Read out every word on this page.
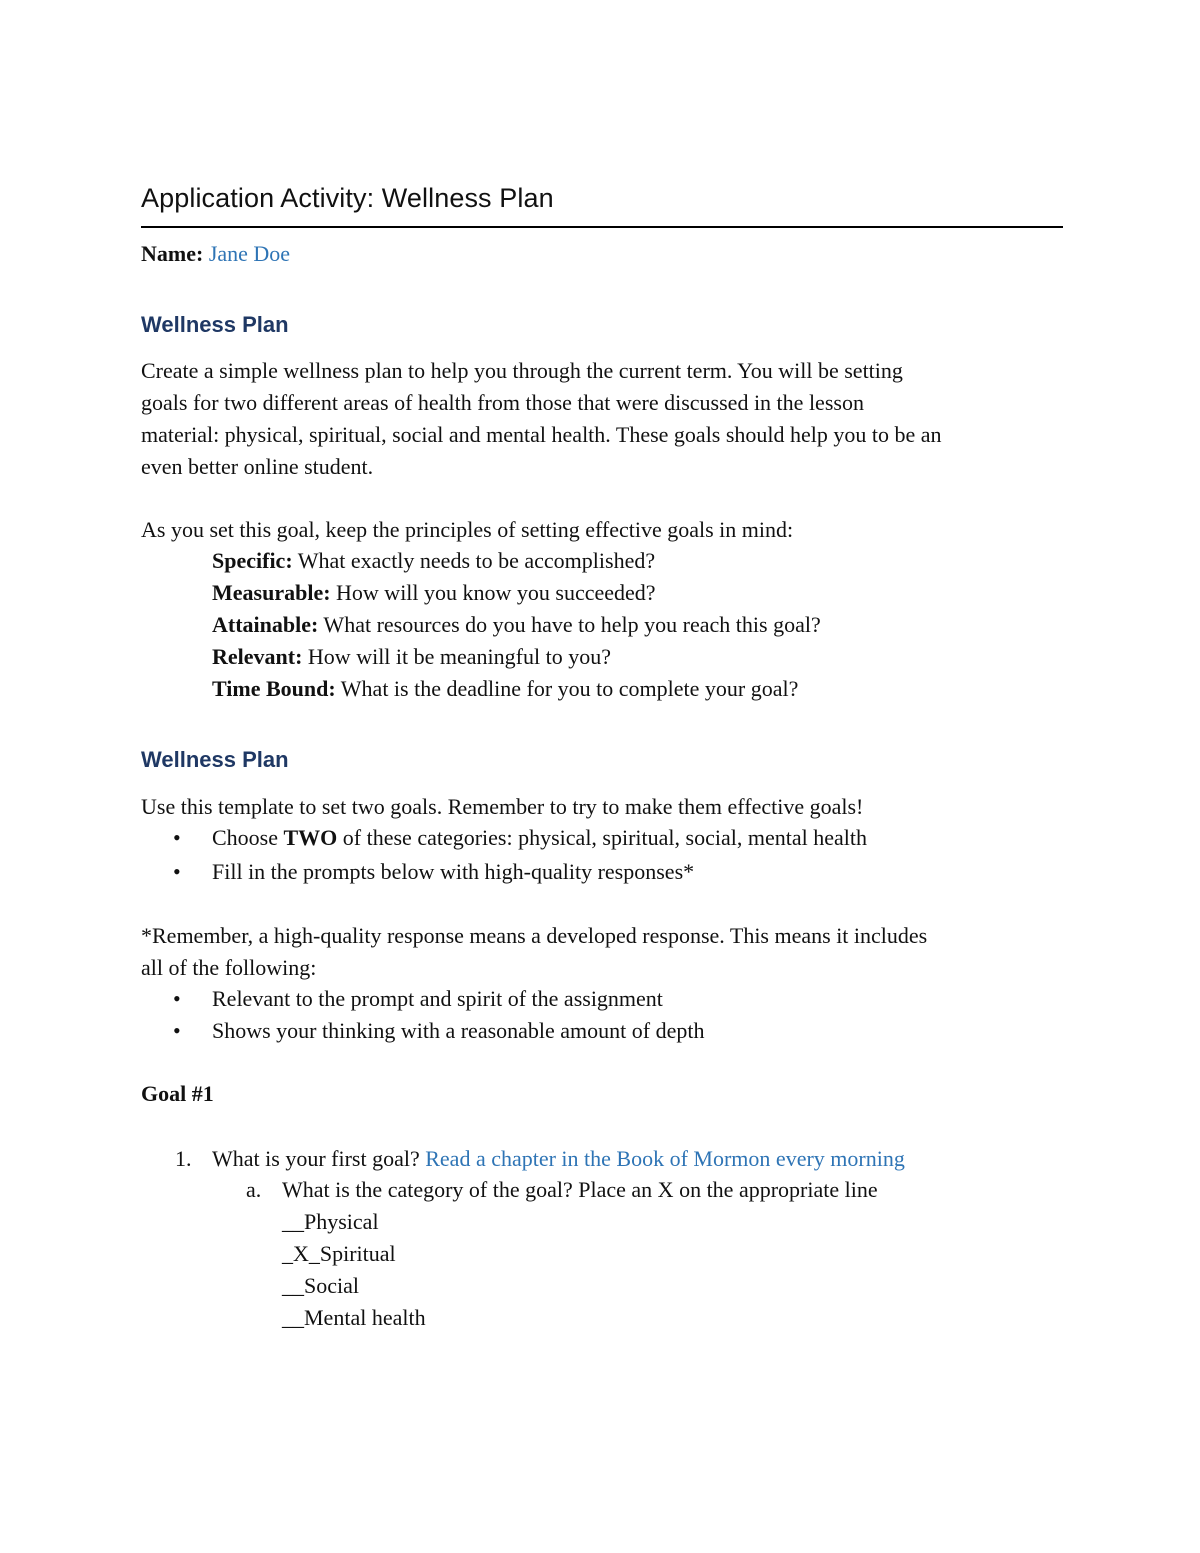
Application Activity: Wellness Plan
Name: Jane Doe
Wellness Plan
Create a simple wellness plan to help you through the current term. You will be setting
goals for two different areas of health from those that were discussed in the lesson
material: physical, spiritual, social and mental health. These goals should help you to be an
even better online student.
As you set this goal, keep the principles of setting effective goals in mind:
Specific: What exactly needs to be accomplished?
Measurable: How will you know you succeeded?
Attainable: What resources do you have to help you reach this goal?
Relevant: How will it be meaningful to you?
Time Bound: What is the deadline for you to complete your goal?
Wellness Plan
Use this template to set two goals. Remember to try to make them effective goals!
• Choose TWO of these categories: physical, spiritual, social, mental health
• Fill in the prompts below with high-quality responses*
*Remember, a high-quality response means a developed response. This means it includes
all of the following:
• Relevant to the prompt and spirit of the assignment
• Shows your thinking with a reasonable amount of depth
Goal #1
1. What is your first goal? Read a chapter in the Book of Mormon every morning
a. What is the category of the goal? Place an X on the appropriate line
__Physical
_X_Spiritual
__Social
__Mental health
